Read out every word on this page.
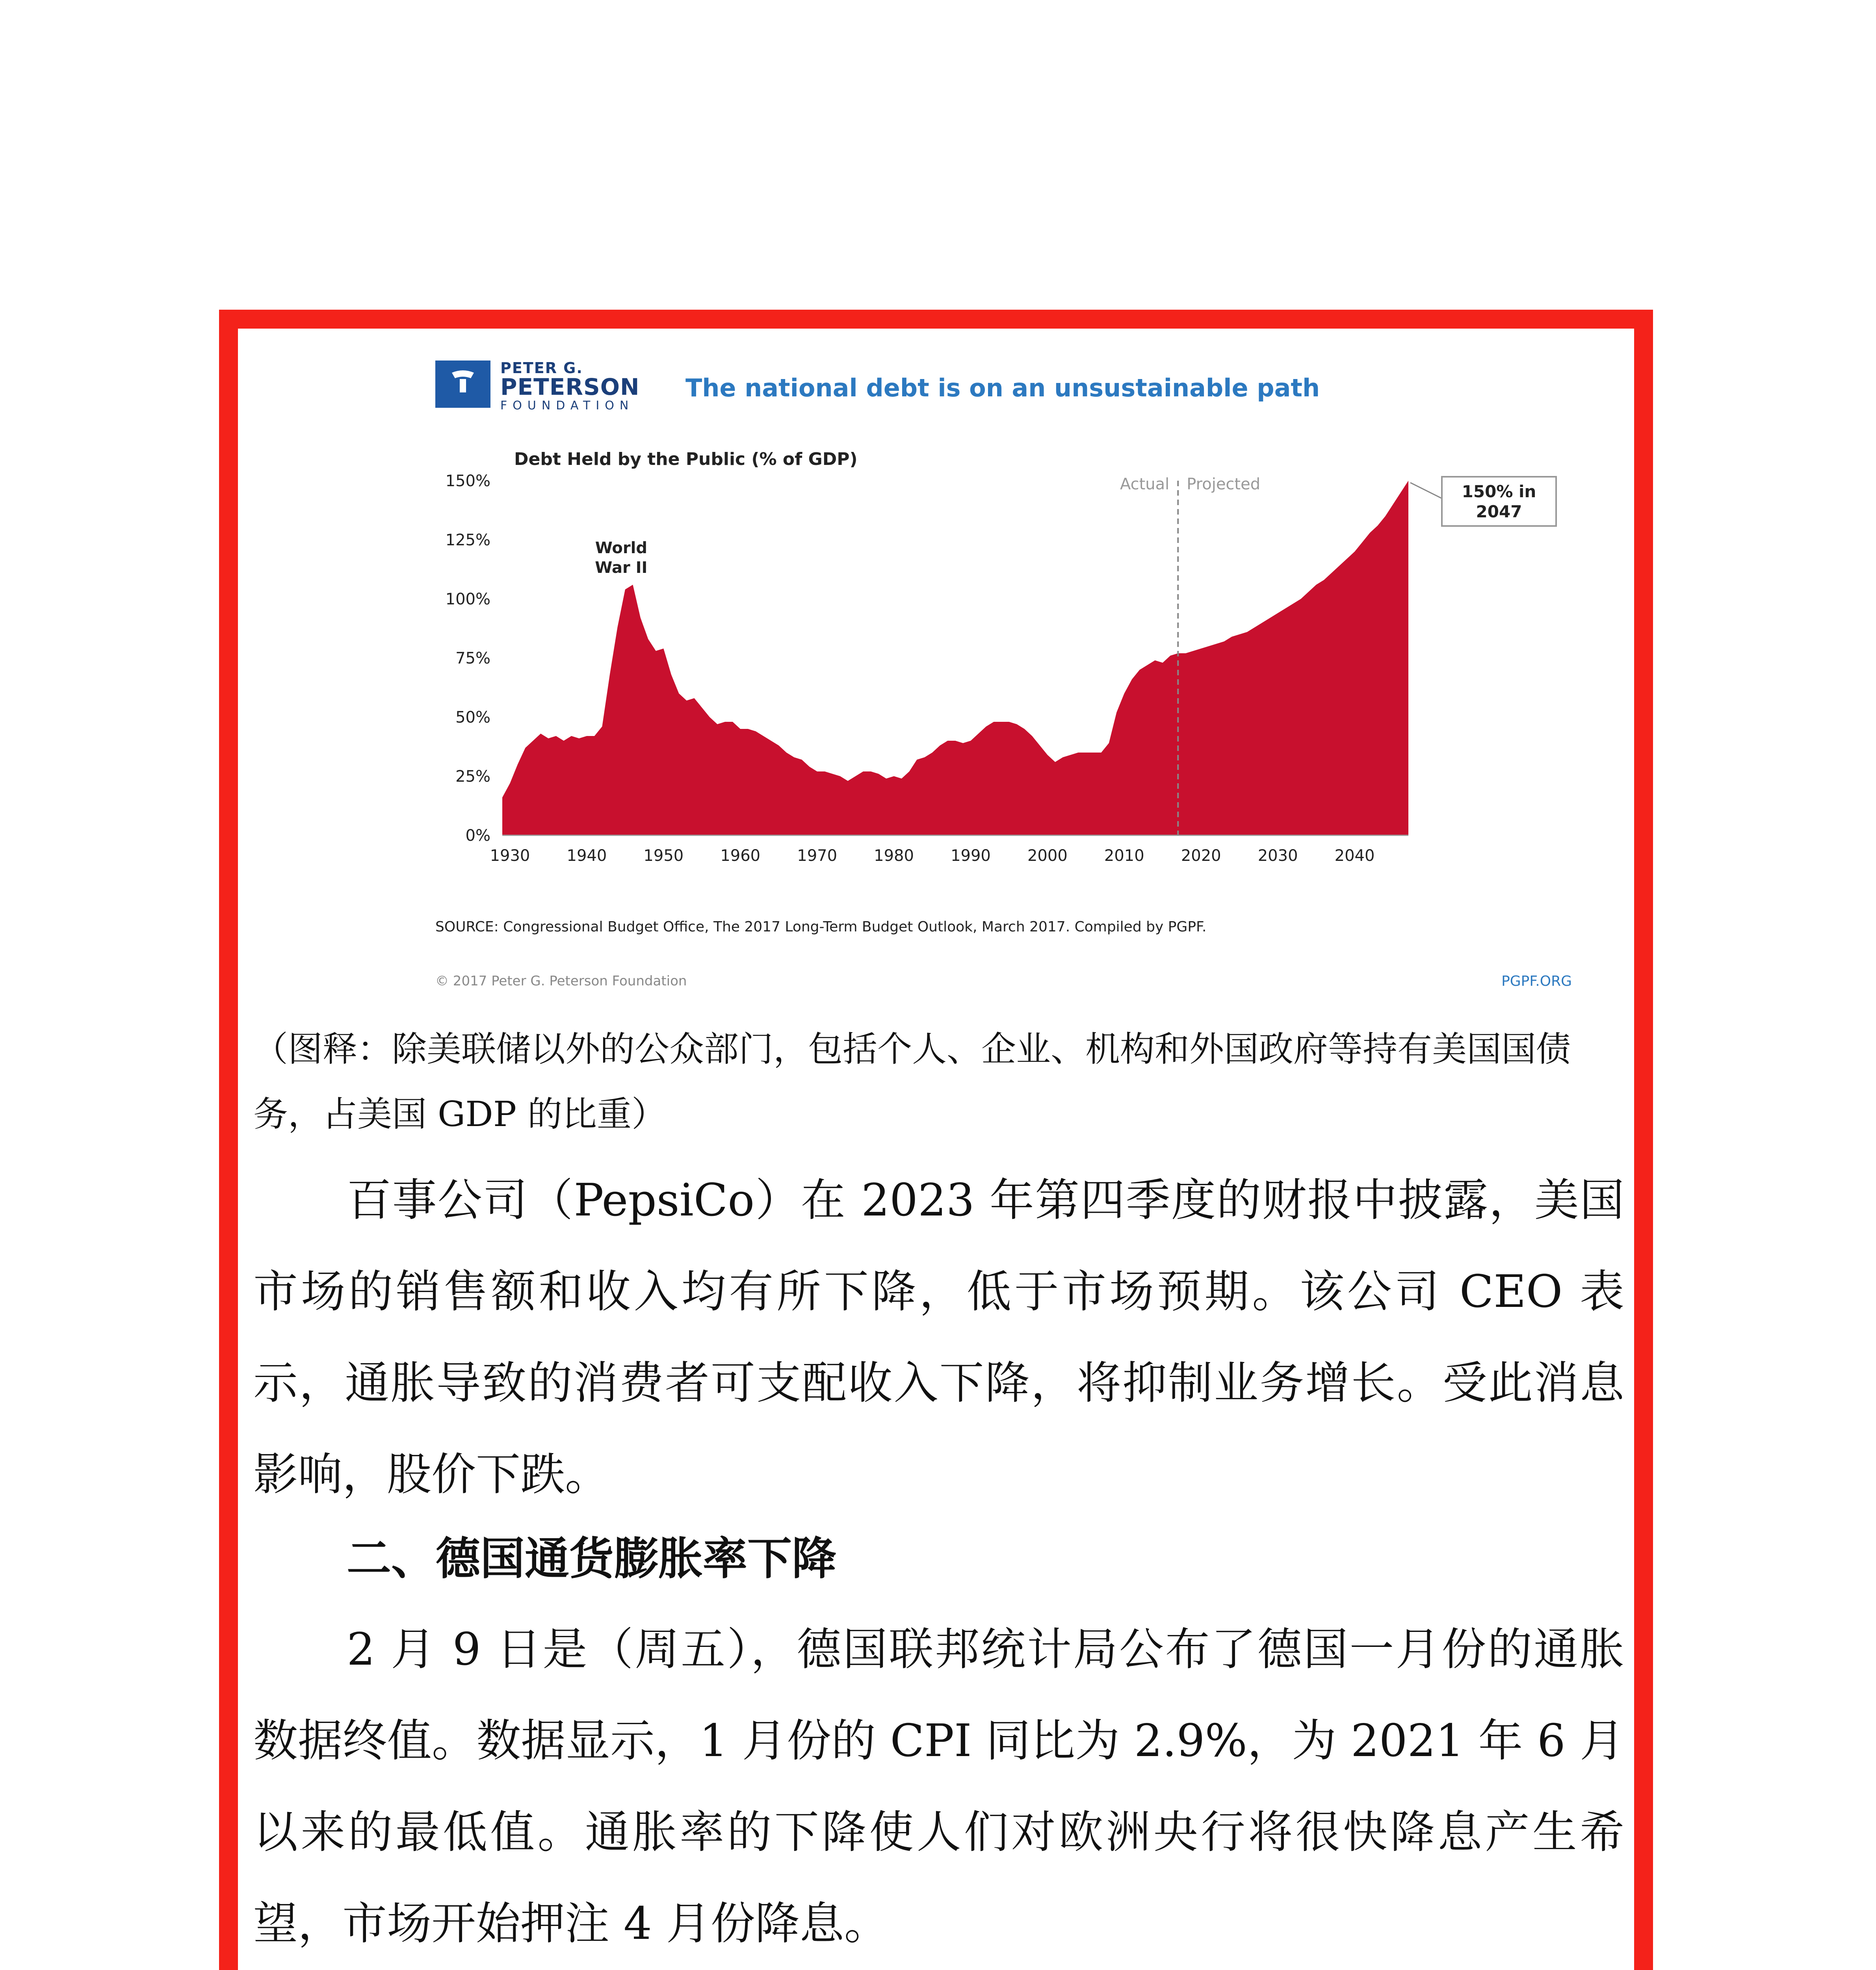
PETER G.
PETERSON
FOUNDATION
The national debt is on an unsustainable path
Debt Held by the Public (% of GDP)
0%
25%
50%
75%
100%
125%
150%
1930 1940 1950 1960 1970 1980 1990 2000 2010 2020 2030 2040
Actual Projected
World
War II
150% in
2047
SOURCE: Congressional Budget Office, The 2017 Long-Term Budget Outlook, March 2017. Compiled by PGPF.
© 2017 Peter G. Peterson Foundation	PGPF.ORG
（图释：除美联储以外的公众部门，包括个人、企业、机构和外国政府等持有美国国债务，占美国 GDP 的比重）
百事公司（PepsiCo）在 2023 年第四季度的财报中披露，美国市场的销售额和收入均有所下降，低于市场预期。该公司 CEO 表示，通胀导致的消费者可支配收入下降，将抑制业务增长。受此消息影响，股价下跌。
二、德国通货膨胀率下降
2 月 9 日是（周五），德国联邦统计局公布了德国一月份的通胀数据终值。数据显示，1 月份的 CPI 同比为 2.9%，为 2021 年 6 月以来的最低值。通胀率的下降使人们对欧洲央行将很快降息产生希望，市场开始押注 4 月份降息。
